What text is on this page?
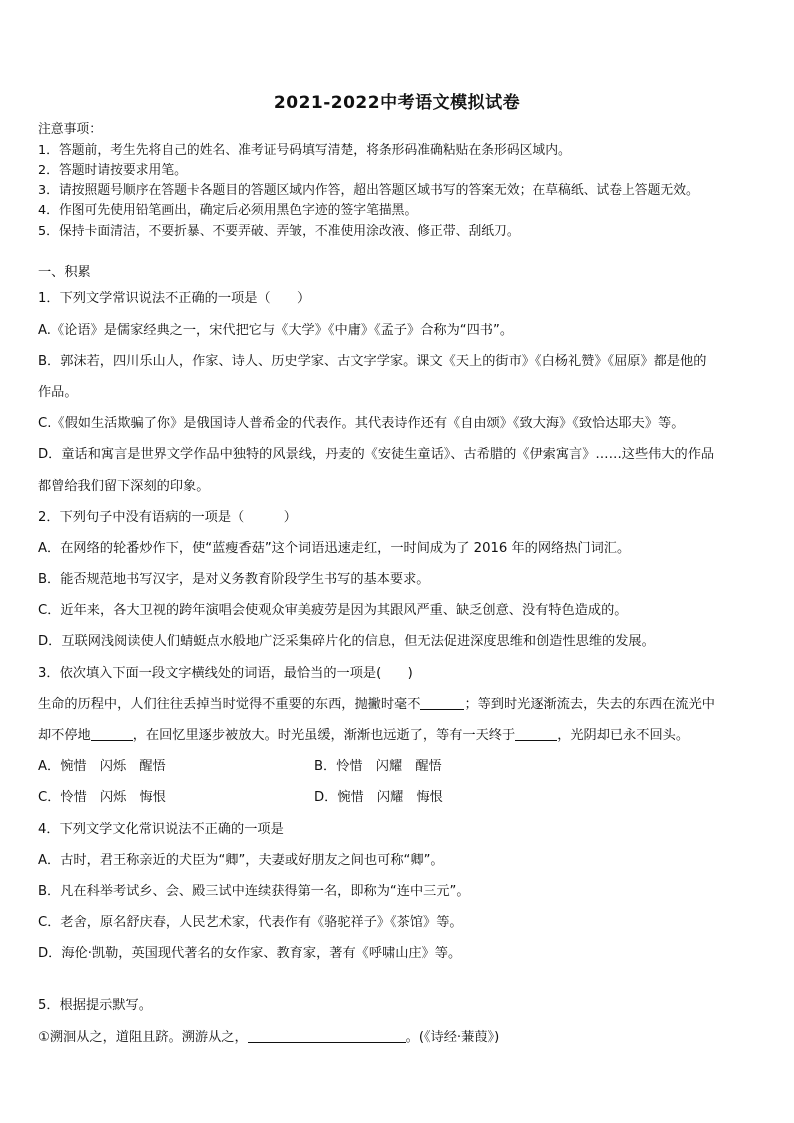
2021-2022中考语文模拟试卷
注意事项：
1．答题前，考生先将自己的姓名、准考证号码填写清楚，将条形码准确粘贴在条形码区域内。
2．答题时请按要求用笔。
3．请按照题号顺序在答题卡各题目的答题区域内作答，超出答题区域书写的答案无效；在草稿纸、试卷上答题无效。
4．作图可先使用铅笔画出，确定后必须用黑色字迹的签字笔描黑。
5．保持卡面清洁，不要折暴、不要弄破、弄皱，不准使用涂改液、修正带、刮纸刀。
一、积累
1．下列文学常识说法不正确的一项是（　　）
A.《论语》是儒家经典之一，宋代把它与《大学》《中庸》《孟子》合称为“四书”。
B．郭沫若，四川乐山人，作家、诗人、历史学家、古文字学家。课文《天上的街市》《白杨礼赞》《屈原》都是他的
作品。
C.《假如生活欺骗了你》是俄国诗人普希金的代表作。其代表诗作还有《自由颂》《致大海》《致恰达耶夫》等。
D．童话和寓言是世界文学作品中独特的风景线，丹麦的《安徒生童话》、古希腊的《伊索寓言》……这些伟大的作品
都曾给我们留下深刻的印象。
2．下列句子中没有语病的一项是（　　　）
A．在网络的轮番炒作下，使“蓝瘦香菇”这个词语迅速走红，一时间成为了 2016 年的网络热门词汇。
B．能否规范地书写汉字，是对义务教育阶段学生书写的基本要求。
C．近年来，各大卫视的跨年演唱会使观众审美疲劳是因为其跟风严重、缺乏创意、没有特色造成的。
D．互联网浅阅读使人们蜻蜓点水般地广泛采集碎片化的信息，但无法促进深度思维和创造性思维的发展。
3．依次填入下面一段文字横线处的词语，最恰当的一项是(　　)
生命的历程中，人们往往丢掉当时觉得不重要的东西，抛撇时毫不	；等到时光逐渐流去，失去的东西在流光中
却不停地	，在回忆里逐步被放大。时光虽缓，渐渐也远逝了，等有一天终于	，光阴却已永不回头。
A．惋惜　闪烁　醒悟	B．怜惜　闪耀　醒悟
C．怜惜　闪烁　悔恨	D．惋惜　闪耀　悔恨
4．下列文学文化常识说法不正确的一项是
A．古时，君王称亲近的犬臣为“卿”，夫妻或好朋友之间也可称“卿”。
B．凡在科举考试乡、会、殿三试中连续获得第一名，即称为“连中三元”。
C．老舍，原名舒庆春，人民艺术家，代表作有《骆驼祥子》《茶馆》等。
D．海伦·凯勒，英国现代著名的女作家、教育家，著有《呼啸山庄》等。
5．根据提示默写。
①溯洄从之，道阻且跻。溯游从之，	。(《诗经·蒹葭》)
